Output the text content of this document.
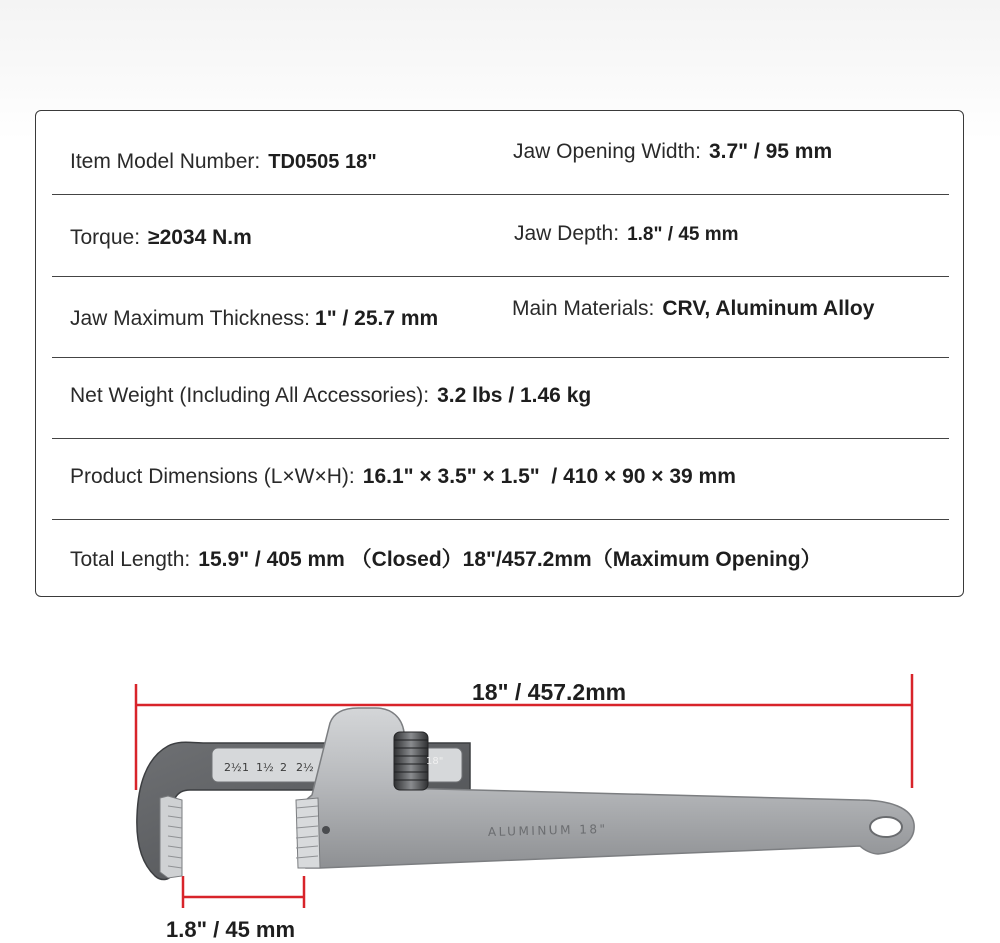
Item Model Number: TD0505 18"	Jaw Opening Width: 3.7" / 95 mm
Torque: ≥2034 N.m	Jaw Depth: 1.8" / 45 mm
Jaw Maximum Thickness: 1" / 25.7 mm	Main Materials: CRV, Aluminum Alloy
Net Weight (Including All Accessories): 3.2 lbs / 1.46 kg
Product Dimensions (L×W×H): 16.1" × 3.5" × 1.5"  / 410 × 90 × 39 mm
Total Length: 15.9" / 405 mm （Closed）18"/457.2mm（Maximum Opening）
18" / 457.2mm
1.8" / 45 mm
2½ 1 1½ 2 2½
ALUMINUM 18"
18"
